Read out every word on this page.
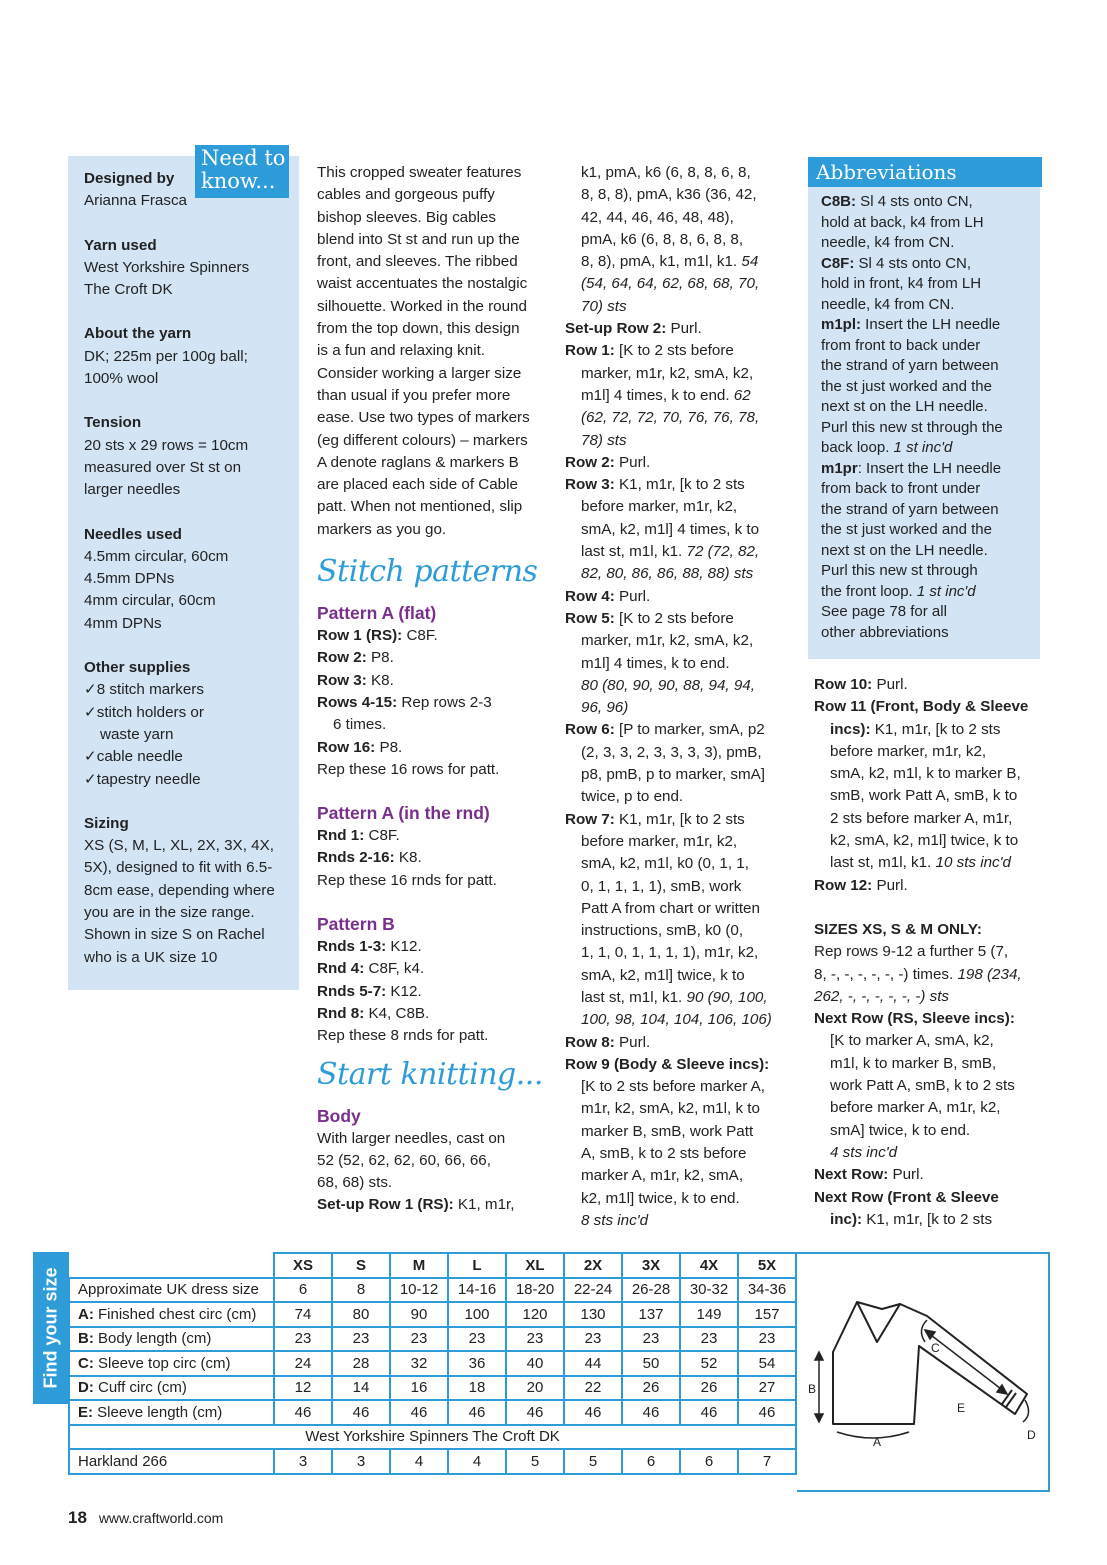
Need to know...

Designed by

Arianna Frasca

Yarn used

West Yorkshire Spinners

The Croft DK

About the yarn

DK; 225m per 100g ball;

100% wool

Tension

20 sts x 29 rows = 10cm

measured over St st on

larger needles

Needles used

4.5mm circular, 60cm

4.5mm DPNs

4mm circular, 60cm

4mm DPNs

Other supplies

✓ 8 stitch markers

✓ stitch holders or

waste yarn

✓ cable needle

✓ tapestry needle

Sizing

XS (S, M, L, XL, 2X, 3X, 4X,

5X), designed to fit with 6.5-

8cm ease, depending where

you are in the size range.

Shown in size S on Rachel

who is a UK size 10

This cropped sweater features

cables and gorgeous puffy

bishop sleeves. Big cables

blend into St st and run up the

front, and sleeves. The ribbed

waist accentuates the nostalgic

silhouette. Worked in the round

from the top down, this design

is a fun and relaxing knit.

Consider working a larger size

than usual if you prefer more

ease. Use two types of markers

(eg different colours) – markers

A denote raglans & markers B

are placed each side of Cable

patt. When not mentioned, slip

markers as you go.

Stitch patterns

Pattern A (flat)

Row 1 (RS): C8F.

Row 2: P8.

Row 3: K8.

Rows 4-15: Rep rows 2-3

6 times.

Row 16: P8.

Rep these 16 rows for patt.

Pattern A (in the rnd)

Rnd 1: C8F.

Rnds 2-16: K8.

Rep these 16 rnds for patt.

Pattern B

Rnds 1-3: K12.

Rnd 4: C8F, k4.

Rnds 5-7: K12.

Rnd 8: K4, C8B.

Rep these 8 rnds for patt.

Start knitting...

Body

With larger needles, cast on

52 (52, 62, 62, 60, 66, 66,

68, 68) sts.

Set-up Row 1 (RS): K1, m1r,

k1, pmA, k6 (6, 8, 8, 6, 8,

8, 8, 8), pmA, k36 (36, 42,

42, 44, 46, 46, 48, 48),

pmA, k6 (6, 8, 8, 6, 8, 8,

8, 8), pmA, k1, m1l, k1. 54

(54, 64, 64, 62, 68, 68, 70,

70) sts

Set-up Row 2: Purl.

Row 1: [K to 2 sts before

marker, m1r, k2, smA, k2,

m1l] 4 times, k to end. 62

(62, 72, 72, 70, 76, 76, 78,

78) sts

Row 2: Purl.

Row 3: K1, m1r, [k to 2 sts

before marker, m1r, k2,

smA, k2, m1l] 4 times, k to

last st, m1l, k1. 72 (72, 82,

82, 80, 86, 86, 88, 88) sts

Row 4: Purl.

Row 5: [K to 2 sts before

marker, m1r, k2, smA, k2,

m1l] 4 times, k to end.

80 (80, 90, 90, 88, 94, 94,

96, 96)

Row 6: [P to marker, smA, p2

(2, 3, 3, 2, 3, 3, 3, 3), pmB,

p8, pmB, p to marker, smA]

twice, p to end.

Row 7: K1, m1r, [k to 2 sts

before marker, m1r, k2,

smA, k2, m1l, k0 (0, 1, 1,

0, 1, 1, 1, 1), smB, work

Patt A from chart or written

instructions, smB, k0 (0,

1, 1, 0, 1, 1, 1, 1), m1r, k2,

smA, k2, m1l] twice, k to

last st, m1l, k1. 90 (90, 100,

100, 98, 104, 104, 106, 106)

Row 8: Purl.

Row 9 (Body & Sleeve incs):

[K to 2 sts before marker A,

m1r, k2, smA, k2, m1l, k to

marker B, smB, work Patt

A, smB, k to 2 sts before

marker A, m1r, k2, smA,

k2, m1l] twice, k to end.

8 sts inc'd

Abbreviations

C8B: Sl 4 sts onto CN,

hold at back, k4 from LH

needle, k4 from CN.

C8F: Sl 4 sts onto CN,

hold in front, k4 from LH

needle, k4 from CN.

m1pl: Insert the LH needle

from front to back under

the strand of yarn between

the st just worked and the

next st on the LH needle.

Purl this new st through the

back loop. 1 st inc'd

m1pr: Insert the LH needle

from back to front under

the strand of yarn between

the st just worked and the

next st on the LH needle.

Purl this new st through

the front loop. 1 st inc'd

See page 78 for all

other abbreviations

Row 10: Purl.

Row 11 (Front, Body & Sleeve

incs): K1, m1r, [k to 2 sts

before marker, m1r, k2,

smA, k2, m1l, k to marker B,

smB, work Patt A, smB, k to

2 sts before marker A, m1r,

k2, smA, k2, m1l] twice, k to

last st, m1l, k1. 10 sts inc'd

Row 12: Purl.

SIZES XS, S & M ONLY:

Rep rows 9-12 a further 5 (7,

8, -, -, -, -, -, -) times. 198 (234,

262, -, -, -, -, -, -) sts

Next Row (RS, Sleeve incs):

[K to marker A, smA, k2,

m1l, k to marker B, smB,

work Patt A, smB, k to 2 sts

before marker A, m1r, k2,

smA] twice, k to end.

4 sts inc'd

Next Row: Purl.

Next Row (Front & Sleeve

inc): K1, m1r, [k to 2 sts

Find your size
	XS	S	M	L	XL	2X	3X	4X	5X
Approximate UK dress size	6	8	10-12	14-16	18-20	22-24	26-28	30-32	34-36
A: Finished chest circ (cm)	74	80	90	100	120	130	137	149	157
B: Body length (cm)	23	23	23	23	23	23	23	23	23
C: Sleeve top circ (cm)	24	28	32	36	40	44	50	52	54
D: Cuff circ (cm)	12	14	16	18	20	22	26	26	27
E: Sleeve length (cm)	46	46	46	46	46	46	46	46	46
West Yorkshire Spinners The Croft DK									
Harkland 266	3	3	4	4	5	5	6	6	7
A
B
C
D
E
18 www.craftworld.com
